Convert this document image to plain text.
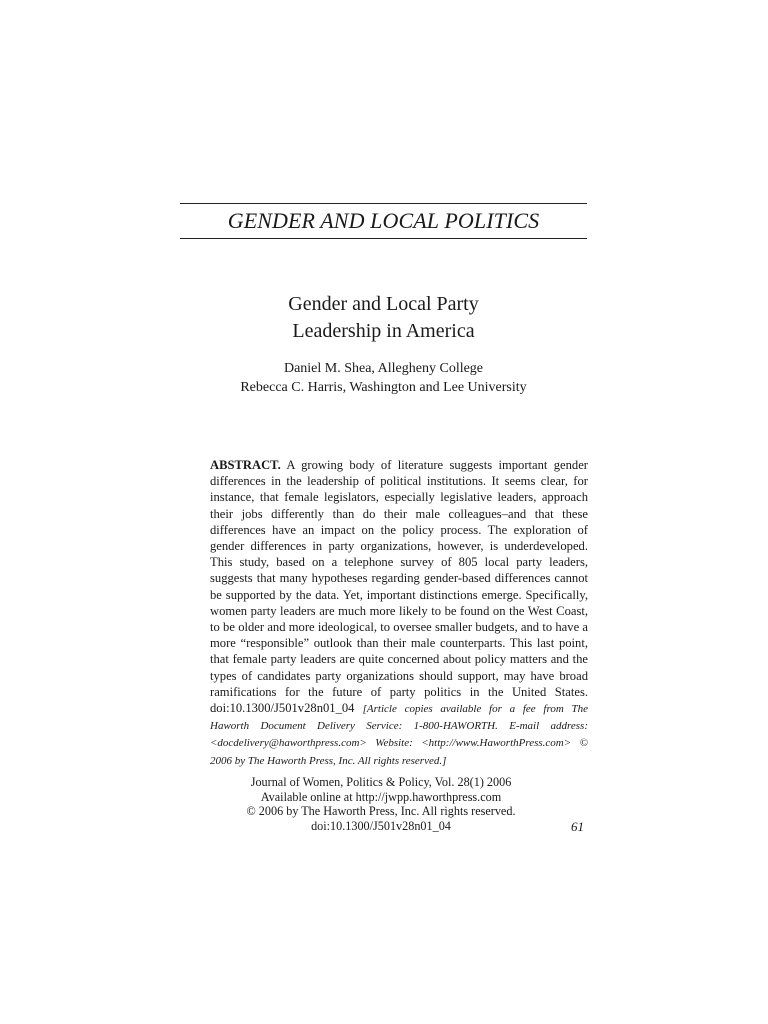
GENDER AND LOCAL POLITICS
Gender and Local Party
Leadership in America
Daniel M. Shea, Allegheny College
Rebecca C. Harris, Washington and Lee University

ABSTRACT. A growing body of literature suggests important gender differences in the leadership of political institutions. It seems clear, for instance, that female legislators, especially legislative leaders, approach their jobs differently than do their male colleagues–and that these differences have an impact on the policy process. The exploration of gender differences in party organizations, however, is underdeveloped. This study, based on a telephone survey of 805 local party leaders, suggests that many hypotheses regarding gender-based differences cannot be supported by the data. Yet, important distinctions emerge. Specifically, women party leaders are much more likely to be found on the West Coast, to be older and more ideological, to oversee smaller budgets, and to have a more “responsible” outlook than their male counterparts. This last point, that female party leaders are quite concerned about policy matters and the types of candidates party organizations should support, may have broad ramifications for the future of party politics in the United States. doi:10.1300/J501v28n01_04 [Article copies available for a fee from The Haworth Document Delivery Service: 1-800-HAWORTH. E-mail address: <docdelivery@haworthpress.com> Website: <http://www.HaworthPress.com> © 2006 by The Haworth Press, Inc. All rights reserved.]

Journal of Women, Politics & Policy, Vol. 28(1) 2006
Available online at http://jwpp.haworthpress.com
© 2006 by The Haworth Press, Inc. All rights reserved.
doi:10.1300/J501v28n01_04	61
